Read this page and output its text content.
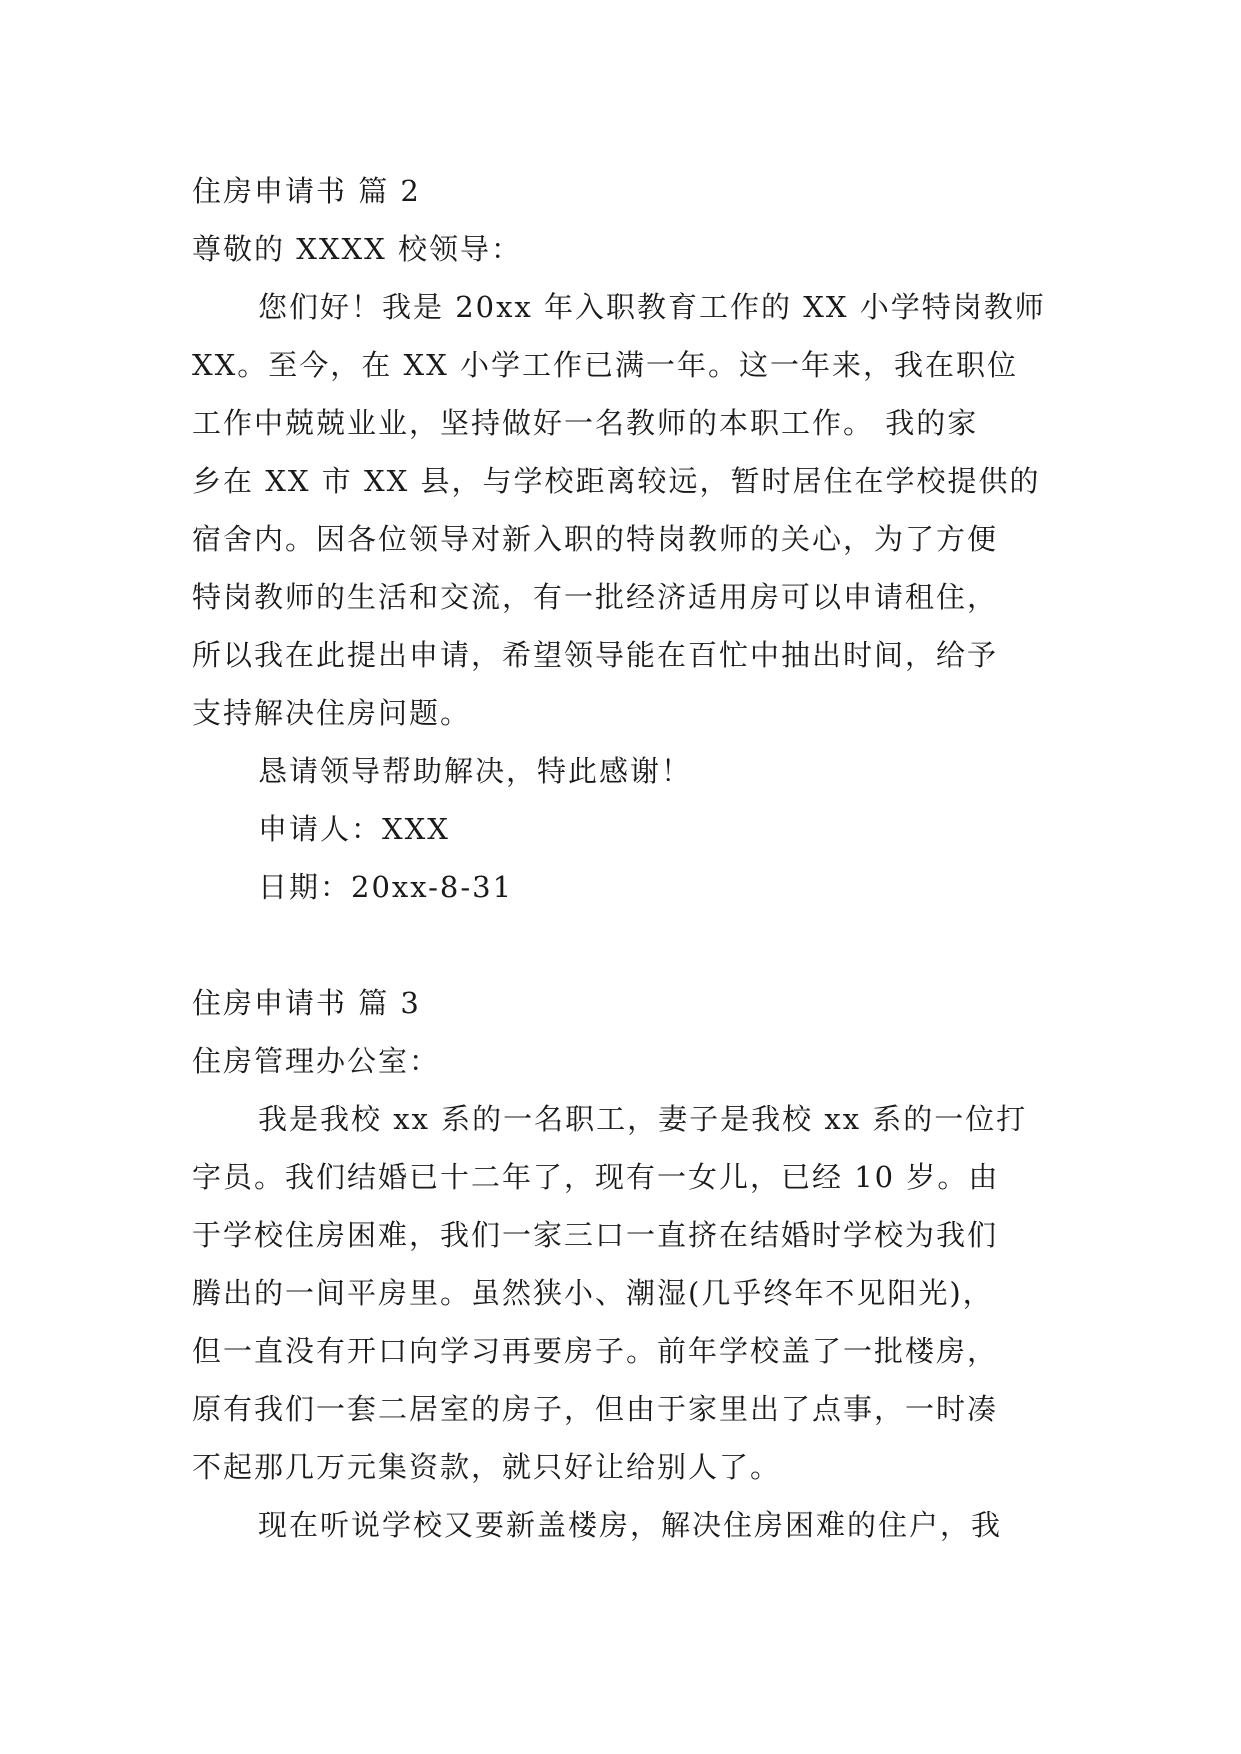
住房申请书 篇 2
尊敬的 XXXX 校领导：
您们好！我是 20xx 年入职教育工作的 XX 小学特岗教师
XX。至今，在 XX 小学工作已满一年。这一年来，我在职位
工作中兢兢业业，坚持做好一名教师的本职工作。 我的家
乡在 XX 市 XX 县，与学校距离较远，暂时居住在学校提供的
宿舍内。因各位领导对新入职的特岗教师的关心，为了方便
特岗教师的生活和交流，有一批经济适用房可以申请租住，
所以我在此提出申请，希望领导能在百忙中抽出时间，给予
支持解决住房问题。
恳请领导帮助解决，特此感谢！
申请人：XXX
日期：20xx-8-31
住房申请书 篇 3
住房管理办公室：
我是我校 xx 系的一名职工，妻子是我校 xx 系的一位打
字员。我们结婚已十二年了，现有一女儿，已经 10 岁。由
于学校住房困难，我们一家三口一直挤在结婚时学校为我们
腾出的一间平房里。虽然狭小、潮湿(几乎终年不见阳光)，
但一直没有开口向学习再要房子。前年学校盖了一批楼房，
原有我们一套二居室的房子，但由于家里出了点事，一时凑
不起那几万元集资款，就只好让给别人了。
现在听说学校又要新盖楼房，解决住房困难的住户，我
